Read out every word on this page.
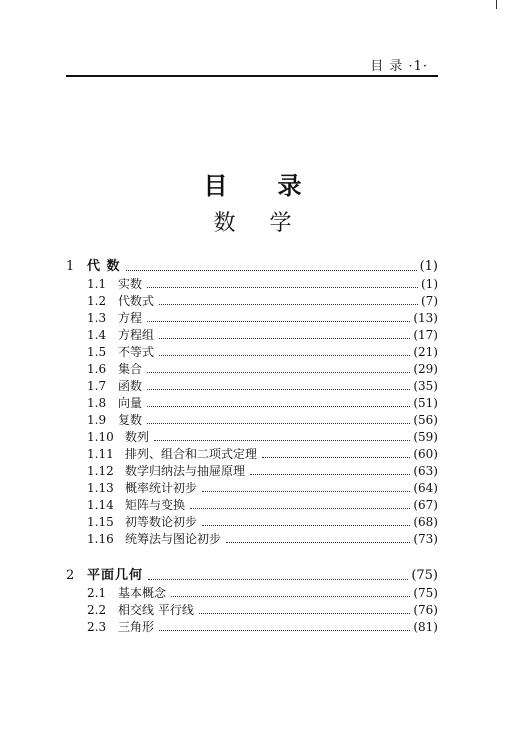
目 录 ·1·
目 录
数 学
1 代 数	(1)
1.1 实数	(1)
1.2 代数式	(7)
1.3 方程	(13)
1.4 方程组	(17)
1.5 不等式	(21)
1.6 集合	(29)
1.7 函数	(35)
1.8 向量	(51)
1.9 复数	(56)
1.10 数列	(59)
1.11 排列、组合和二项式定理	(60)
1.12 数学归纳法与抽屉原理	(63)
1.13 概率统计初步	(64)
1.14 矩阵与变换	(67)
1.15 初等数论初步	(68)
1.16 统筹法与图论初步	(73)
2 平面几何	(75)
2.1 基本概念	(75)
2.2 相交线 平行线	(76)
2.3 三角形	(81)
